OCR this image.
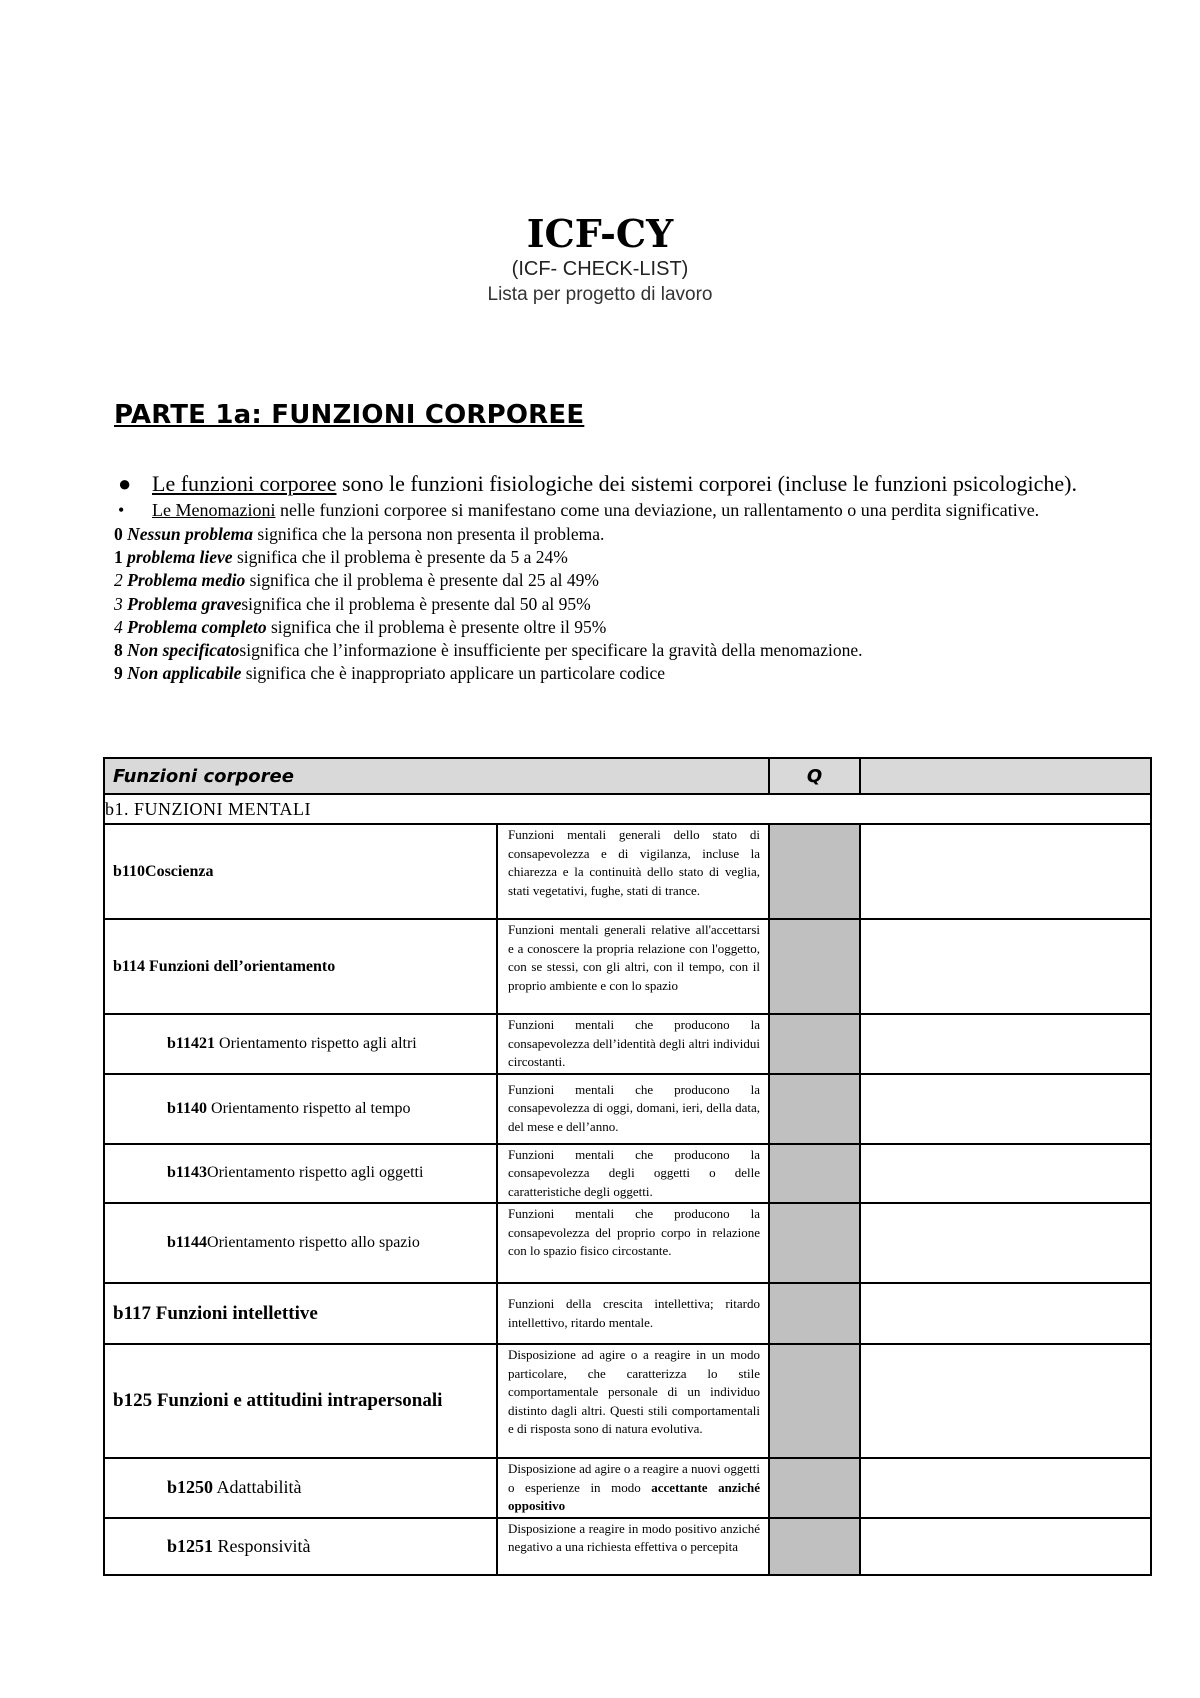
ICF-CY
(ICF- CHECK-LIST)
Lista per progetto di lavoro
PARTE 1a: FUNZIONI CORPOREE
● Le funzioni corporee sono le funzioni fisiologiche dei sistemi corporei (incluse le funzioni psicologiche).
• Le Menomazioni nelle funzioni corporee si manifestano come una deviazione, un rallentamento o una perdita significative.
0 Nessun problema significa che la persona non presenta il problema.
1 problema lieve significa che il problema è presente da 5 a 24%
2 Problema medio significa che il problema è presente dal 25 al 49%
3 Problema gravesignifica che il problema è presente dal 50 al 95%
4 Problema completo significa che il problema è presente oltre il 95%
8 Non specificatosignifica che l’informazione è insufficiente per specificare la gravità della menomazione.
9 Non applicabile significa che è inappropriato applicare un particolare codice
Funzioni corporee		Q	
b1. FUNZIONI MENTALI			
b110Coscienza	Funzioni mentali generali dello stato di consapevolezza e di vigilanza, incluse la chiarezza e la continuità dello stato di veglia, stati vegetativi, fughe, stati di trance.		
b114 Funzioni dell’orientamento	Funzioni mentali generali relative all'accettarsi e a conoscere la propria relazione con l'oggetto, con se stessi, con gli altri, con il tempo, con il proprio ambiente e con lo spazio		
b11421 Orientamento rispetto agli altri	Funzioni mentali che producono la consapevolezza dell’identità degli altri individui circostanti.		
b1140 Orientamento rispetto al tempo	Funzioni mentali che producono la consapevolezza di oggi, domani, ieri, della data, del mese e dell’anno.		
b1143Orientamento rispetto agli oggetti	Funzioni mentali che producono la consapevolezza degli oggetti o delle caratteristiche degli oggetti.		
b1144Orientamento rispetto allo spazio	Funzioni mentali che producono la consapevolezza del proprio corpo in relazione con lo spazio fisico circostante.		
b117 Funzioni intellettive	Funzioni della crescita intellettiva; ritardo intellettivo, ritardo mentale.		
b125 Funzioni e attitudini intrapersonali	Disposizione ad agire o a reagire in un modo particolare, che caratterizza lo stile comportamentale personale di un individuo distinto dagli altri. Questi stili comportamentali e di risposta sono di natura evolutiva.		
b1250 Adattabilità	Disposizione ad agire o a reagire a nuovi oggetti o esperienze in modo accettante anziché oppositivo		
b1251 Responsività	Disposizione a reagire in modo positivo anziché negativo a una richiesta effettiva o percepita		
